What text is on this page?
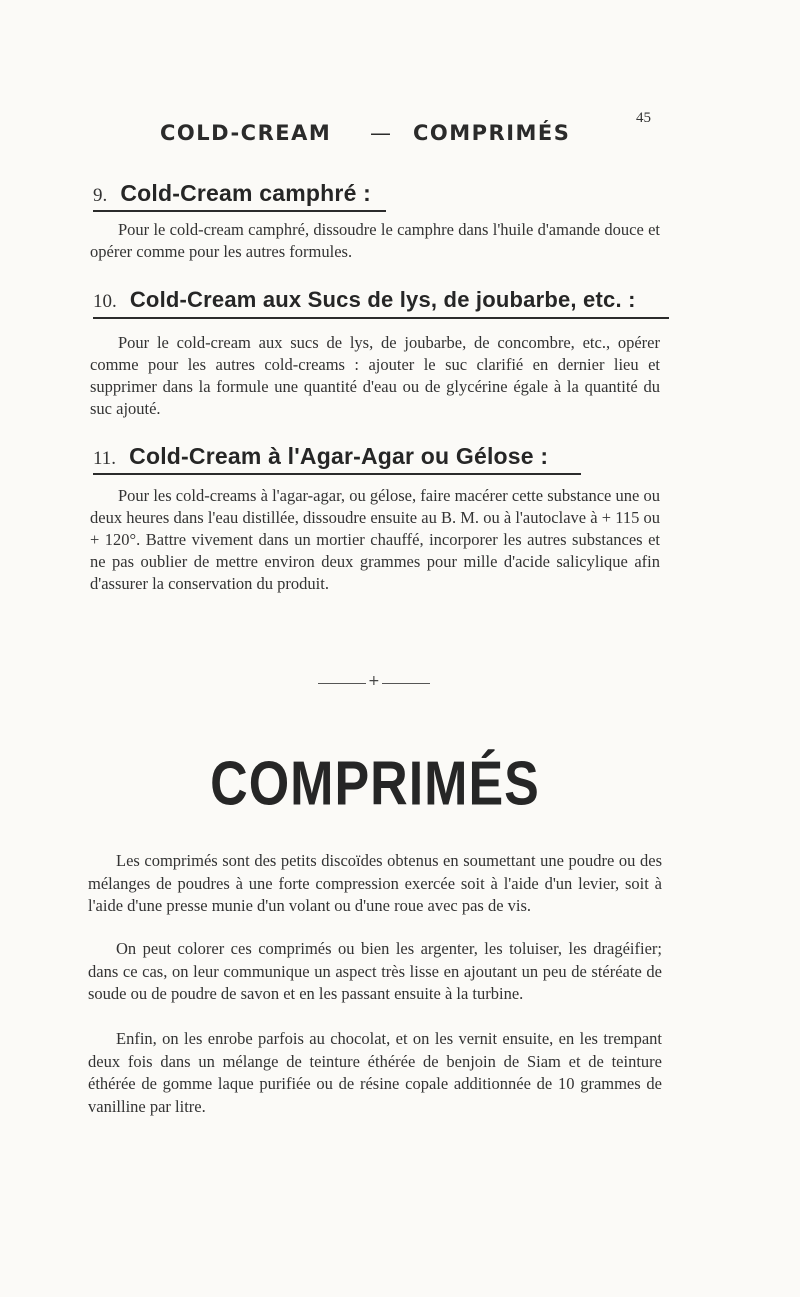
45
COLD-CREAM — COMPRIMÉS
9. Cold-Cream camphré :

Pour le cold-cream camphré, dissoudre le camphre dans l'huile d'amande douce et opérer comme pour les autres formules.

10. Cold-Cream aux Sucs de lys, de joubarbe, etc. :

Pour le cold-cream aux sucs de lys, de joubarbe, de concombre, etc., opérer comme pour les autres cold-creams : ajouter le suc clarifié en dernier lieu et supprimer dans la formule une quantité d'eau ou de glycérine égale à la quantité du suc ajouté.

11. Cold-Cream à l'Agar-Agar ou Gélose :

Pour les cold-creams à l'agar-agar, ou gélose, faire macérer cette substance une ou deux heures dans l'eau distillée, dissoudre ensuite au B. M. ou à l'autoclave à + 115 ou + 120°. Battre vivement dans un mortier chauffé, incorporer les autres substances et ne pas oublier de mettre environ deux grammes pour mille d'acide salicylique afin d'assurer la conservation du produit.

+
COMPRIMÉS

Les comprimés sont des petits discoïdes obtenus en soumettant une poudre ou des mélanges de poudres à une forte compression exercée soit à l'aide d'un levier, soit à l'aide d'une presse munie d'un volant ou d'une roue avec pas de vis.

On peut colorer ces comprimés ou bien les argenter, les toluiser, les dragéifier; dans ce cas, on leur communique un aspect très lisse en ajoutant un peu de stéréate de soude ou de poudre de savon et en les passant ensuite à la turbine.

Enfin, on les enrobe parfois au chocolat, et on les vernit ensuite, en les trempant deux fois dans un mélange de teinture éthérée de benjoin de Siam et de teinture éthérée de gomme laque purifiée ou de résine copale additionnée de 10 grammes de vanilline par litre.
